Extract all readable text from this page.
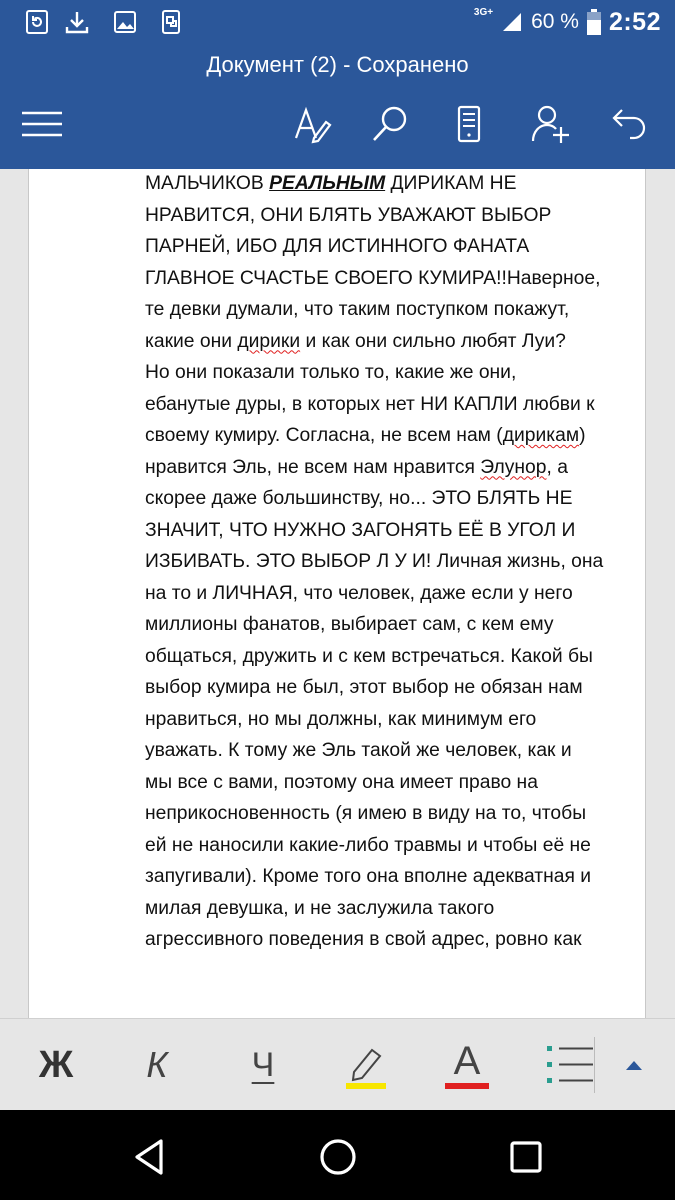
3G+ 60 % 2:52
Документ (2) - Сохранено
МАЛЬЧИКОВ РЕАЛЬНЫМ ДИРИКАМ НЕ
НРАВИТСЯ, ОНИ БЛЯТЬ УВАЖАЮТ ВЫБОР
ПАРНЕЙ, ИБО ДЛЯ ИСТИННОГО ФАНАТА
ГЛАВНОЕ СЧАСТЬЕ СВОЕГО КУМИРА!!Наверное,
те девки думали, что таким поступком покажут,
какие они дирики и как они сильно любят Луи?
Но они показали только то, какие же они,
ебанутые дуры, в которых нет НИ КАПЛИ любви к
своему кумиру. Согласна, не всем нам (дирикам)
нравится Эль, не всем нам нравится Элунор, а
скорее даже большинству, но... ЭТО БЛЯТЬ НЕ
ЗНАЧИТ, ЧТО НУЖНО ЗАГОНЯТЬ ЕЁ В УГОЛ И
ИЗБИВАТЬ. ЭТО ВЫБОР Л У И! Личная жизнь, она
на то и ЛИЧНАЯ, что человек, даже если у него
миллионы фанатов, выбирает сам, с кем ему
общаться, дружить и с кем встречаться. Какой бы
выбор кумира не был, этот выбор не обязан нам
нравиться, но мы должны, как минимум его
уважать. К тому же Эль такой же человек, как и
мы все с вами, поэтому она имеет право на
неприкосновенность (я имею в виду на то, чтобы
ей не наносили какие-либо травмы и чтобы её не
запугивали). Кроме того она вполне адекватная и
милая девушка, и не заслужила такого
агрессивного поведения в свой адрес, ровно как
Ж К Ч	A
